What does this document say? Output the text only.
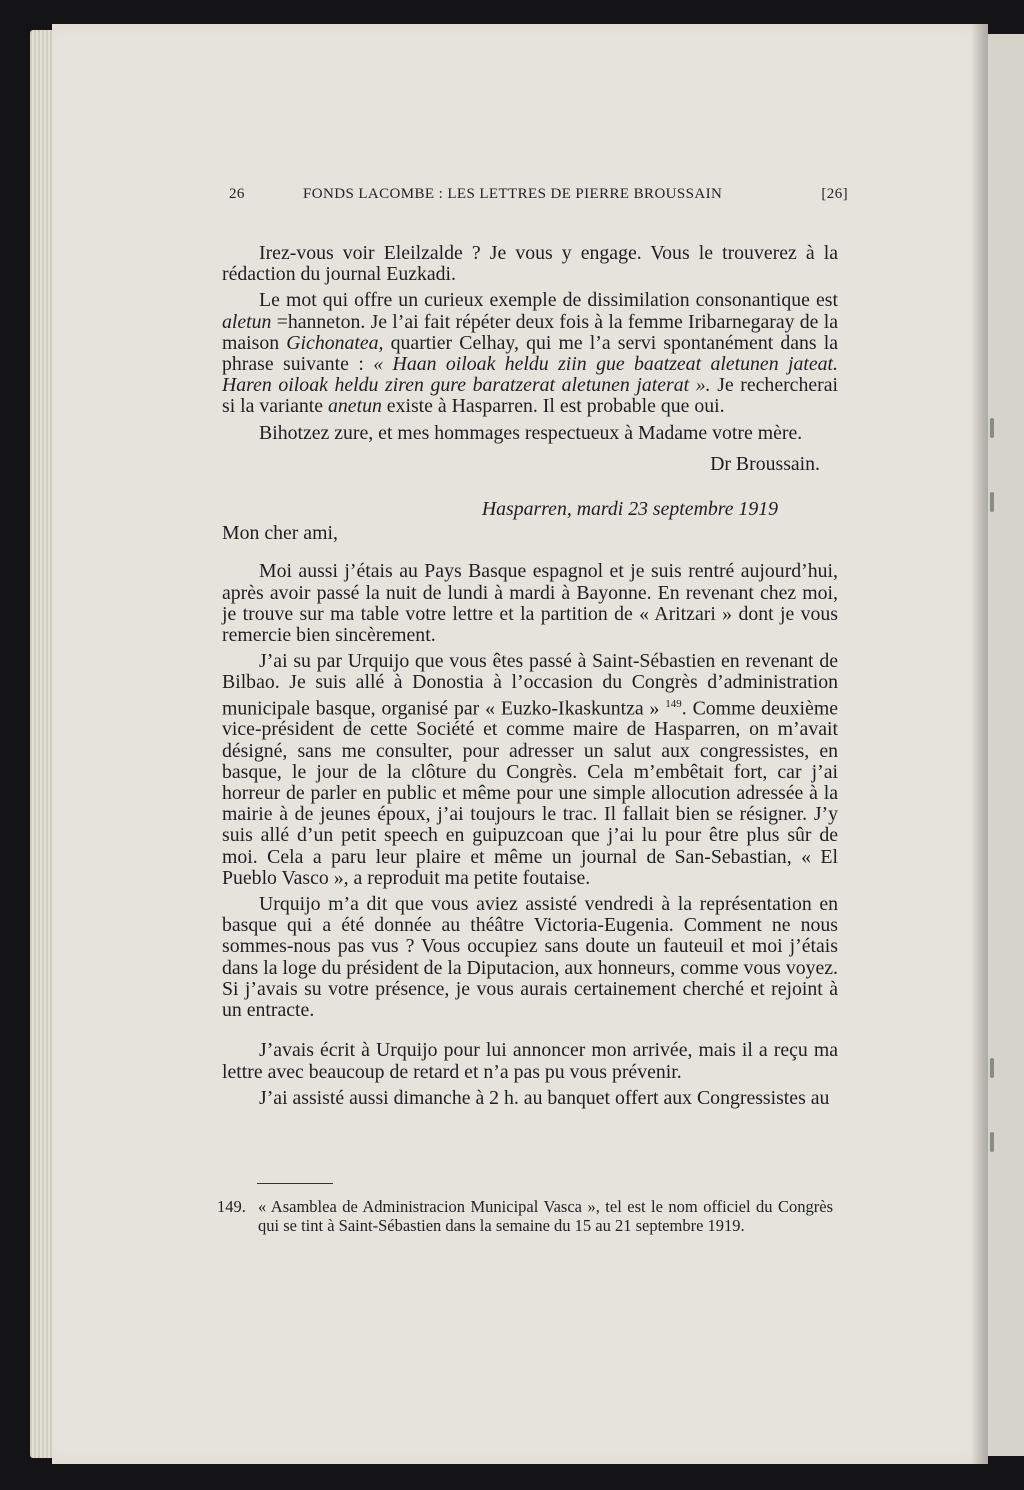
26	FONDS LACOMBE : LES LETTRES DE PIERRE BROUSSAIN	[26]

Irez-vous voir Eleilzalde ? Je vous y engage. Vous le trouverez à la rédaction du journal Euzkadi.

Le mot qui offre un curieux exemple de dissimilation consonantique est aletun =hanneton. Je l’ai fait répéter deux fois à la femme Iribarnegaray de la maison Gichonatea, quartier Celhay, qui me l’a servi spontanément dans la phrase suivante : « Haan oiloak heldu ziin gue baatzeat aletunen jateat. Haren oiloak heldu ziren gure baratzerat aletunen jaterat ». Je rechercherai si la variante anetun existe à Hasparren. Il est probable que oui.

Bihotzez zure, et mes hommages respectueux à Madame votre mère.

Dr Broussain.
Hasparren, mardi 23 septembre 1919
Mon cher ami,

Moi aussi j’étais au Pays Basque espagnol et je suis rentré aujourd’hui, après avoir passé la nuit de lundi à mardi à Bayonne. En revenant chez moi, je trouve sur ma table votre lettre et la partition de « Aritzari » dont je vous remercie bien sincèrement.

J’ai su par Urquijo que vous êtes passé à Saint-Sébastien en revenant de Bilbao. Je suis allé à Donostia à l’occasion du Congrès d’administration municipale basque, organisé par « Euzko-Ikaskuntza » $^{149}$. Comme deuxième vice-président de cette Société et comme maire de Hasparren, on m’avait désigné, sans me consulter, pour adresser un salut aux congressistes, en basque, le jour de la clôture du Congrès. Cela m’embêtait fort, car j’ai horreur de parler en public et même pour une simple allocution adressée à la mairie à de jeunes époux, j’ai toujours le trac. Il fallait bien se résigner. J’y suis allé d’un petit speech en guipuzcoan que j’ai lu pour être plus sûr de moi. Cela a paru leur plaire et même un journal de San-Sebastian, « El Pueblo Vasco », a reproduit ma petite foutaise.

Urquijo m’a dit que vous aviez assisté vendredi à la représentation en basque qui a été donnée au théâtre Victoria-Eugenia. Comment ne nous sommes-nous pas vus ? Vous occupiez sans doute un fauteuil et moi j’étais dans la loge du président de la Diputacion, aux honneurs, comme vous voyez. Si j’avais su votre présence, je vous aurais certainement cherché et rejoint à un entracte.

J’avais écrit à Urquijo pour lui annoncer mon arrivée, mais il a reçu ma lettre avec beaucoup de retard et n’a pas pu vous prévenir.

J’ai assisté aussi dimanche à 2 h. au banquet offert aux Congressistes au

149. « Asamblea de Administracion Municipal Vasca », tel est le nom officiel du Congrès qui se tint à Saint-Sébastien dans la semaine du 15 au 21 septembre 1919.
